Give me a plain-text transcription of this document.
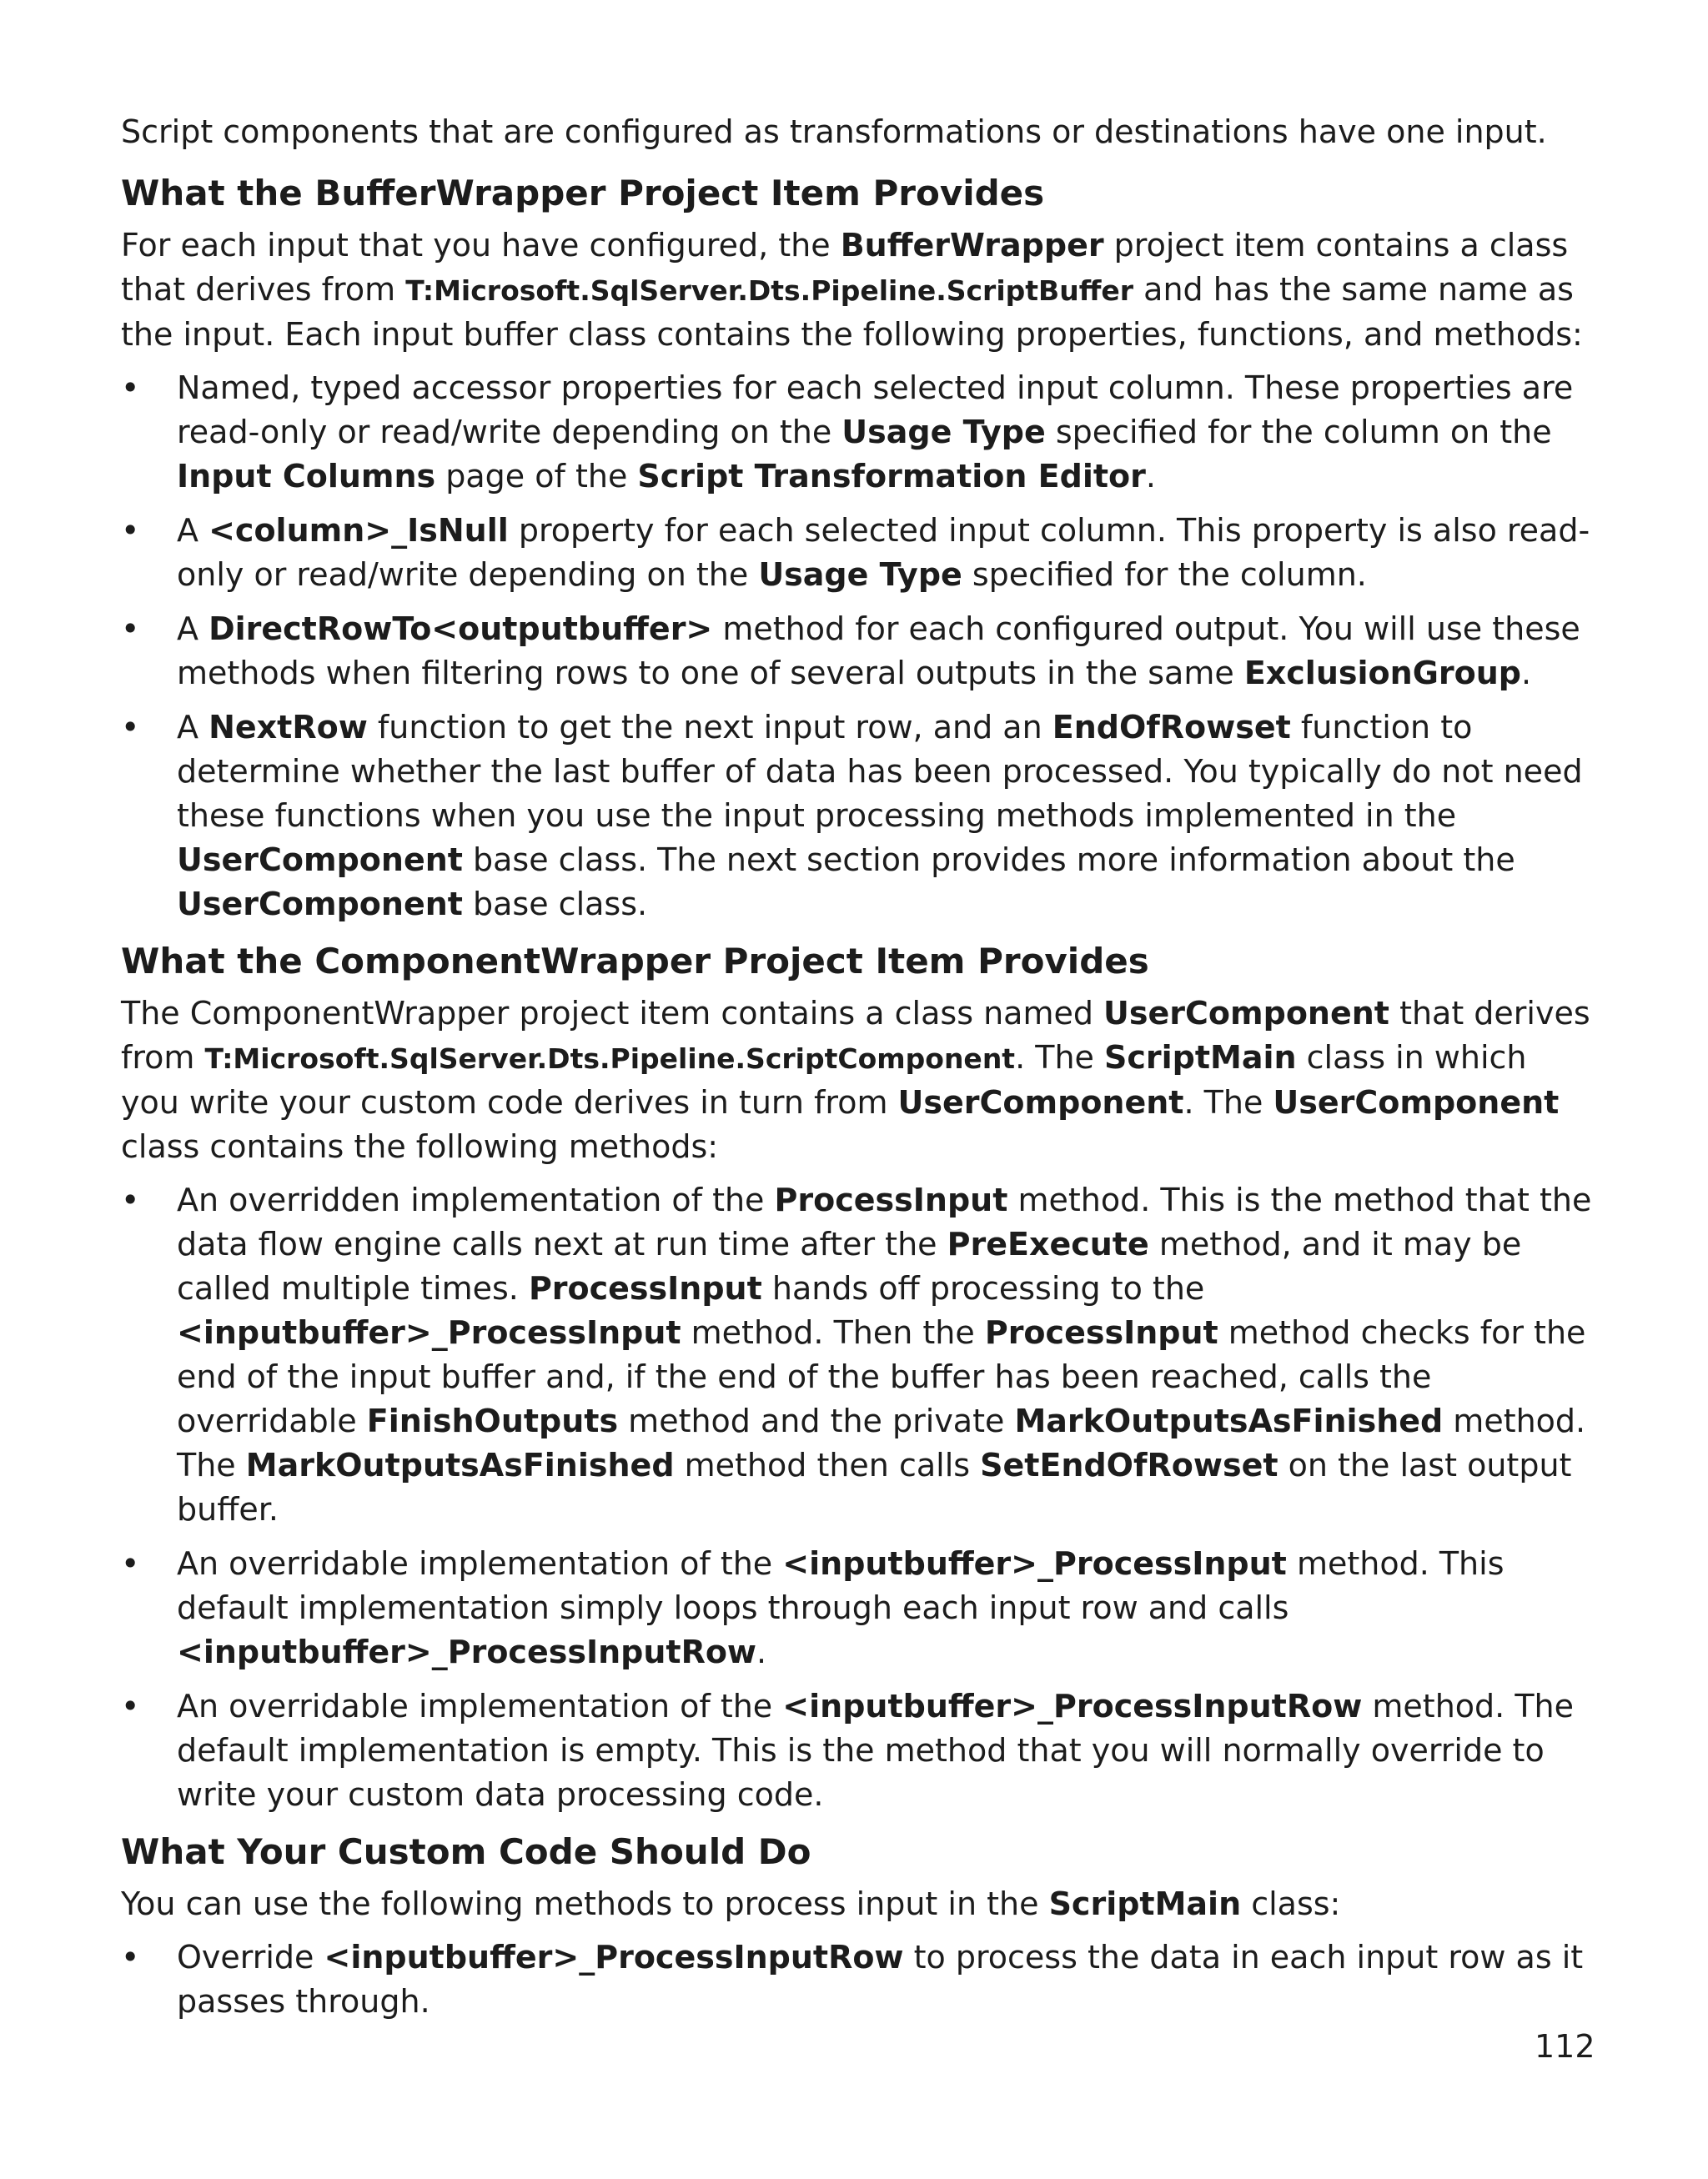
Script components that are configured as transformations or destinations have one input.

What the BufferWrapper Project Item Provides

For each input that you have configured, the BufferWrapper project item contains a class that derives from T:Microsoft.SqlServer.Dts.Pipeline.ScriptBuffer and has the same name as the input. Each input buffer class contains the following properties, functions, and methods:

• Named, typed accessor properties for each selected input column. These properties are read-only or read/write depending on the Usage Type specified for the column on the Input Columns page of the Script Transformation Editor.
• A <column>_IsNull property for each selected input column. This property is also read-only or read/write depending on the Usage Type specified for the column.
• A DirectRowTo<outputbuffer> method for each configured output. You will use these methods when filtering rows to one of several outputs in the same ExclusionGroup.
• A NextRow function to get the next input row, and an EndOfRowset function to determine whether the last buffer of data has been processed. You typically do not need these functions when you use the input processing methods implemented in the UserComponent base class. The next section provides more information about the UserComponent base class.
What the ComponentWrapper Project Item Provides

The ComponentWrapper project item contains a class named UserComponent that derives from T:Microsoft.SqlServer.Dts.Pipeline.ScriptComponent. The ScriptMain class in which you write your custom code derives in turn from UserComponent. The UserComponent class contains the following methods:

• An overridden implementation of the ProcessInput method. This is the method that the data flow engine calls next at run time after the PreExecute method, and it may be called multiple times. ProcessInput hands off processing to the <inputbuffer>_ProcessInput method. Then the ProcessInput method checks for the end of the input buffer and, if the end of the buffer has been reached, calls the overridable FinishOutputs method and the private MarkOutputsAsFinished method. The MarkOutputsAsFinished method then calls SetEndOfRowset on the last output buffer.
• An overridable implementation of the <inputbuffer>_ProcessInput method. This default implementation simply loops through each input row and calls <inputbuffer>_ProcessInputRow.
• An overridable implementation of the <inputbuffer>_ProcessInputRow method. The default implementation is empty. This is the method that you will normally override to write your custom data processing code.
What Your Custom Code Should Do

You can use the following methods to process input in the ScriptMain class:

• Override <inputbuffer>_ProcessInputRow to process the data in each input row as it passes through.
112
